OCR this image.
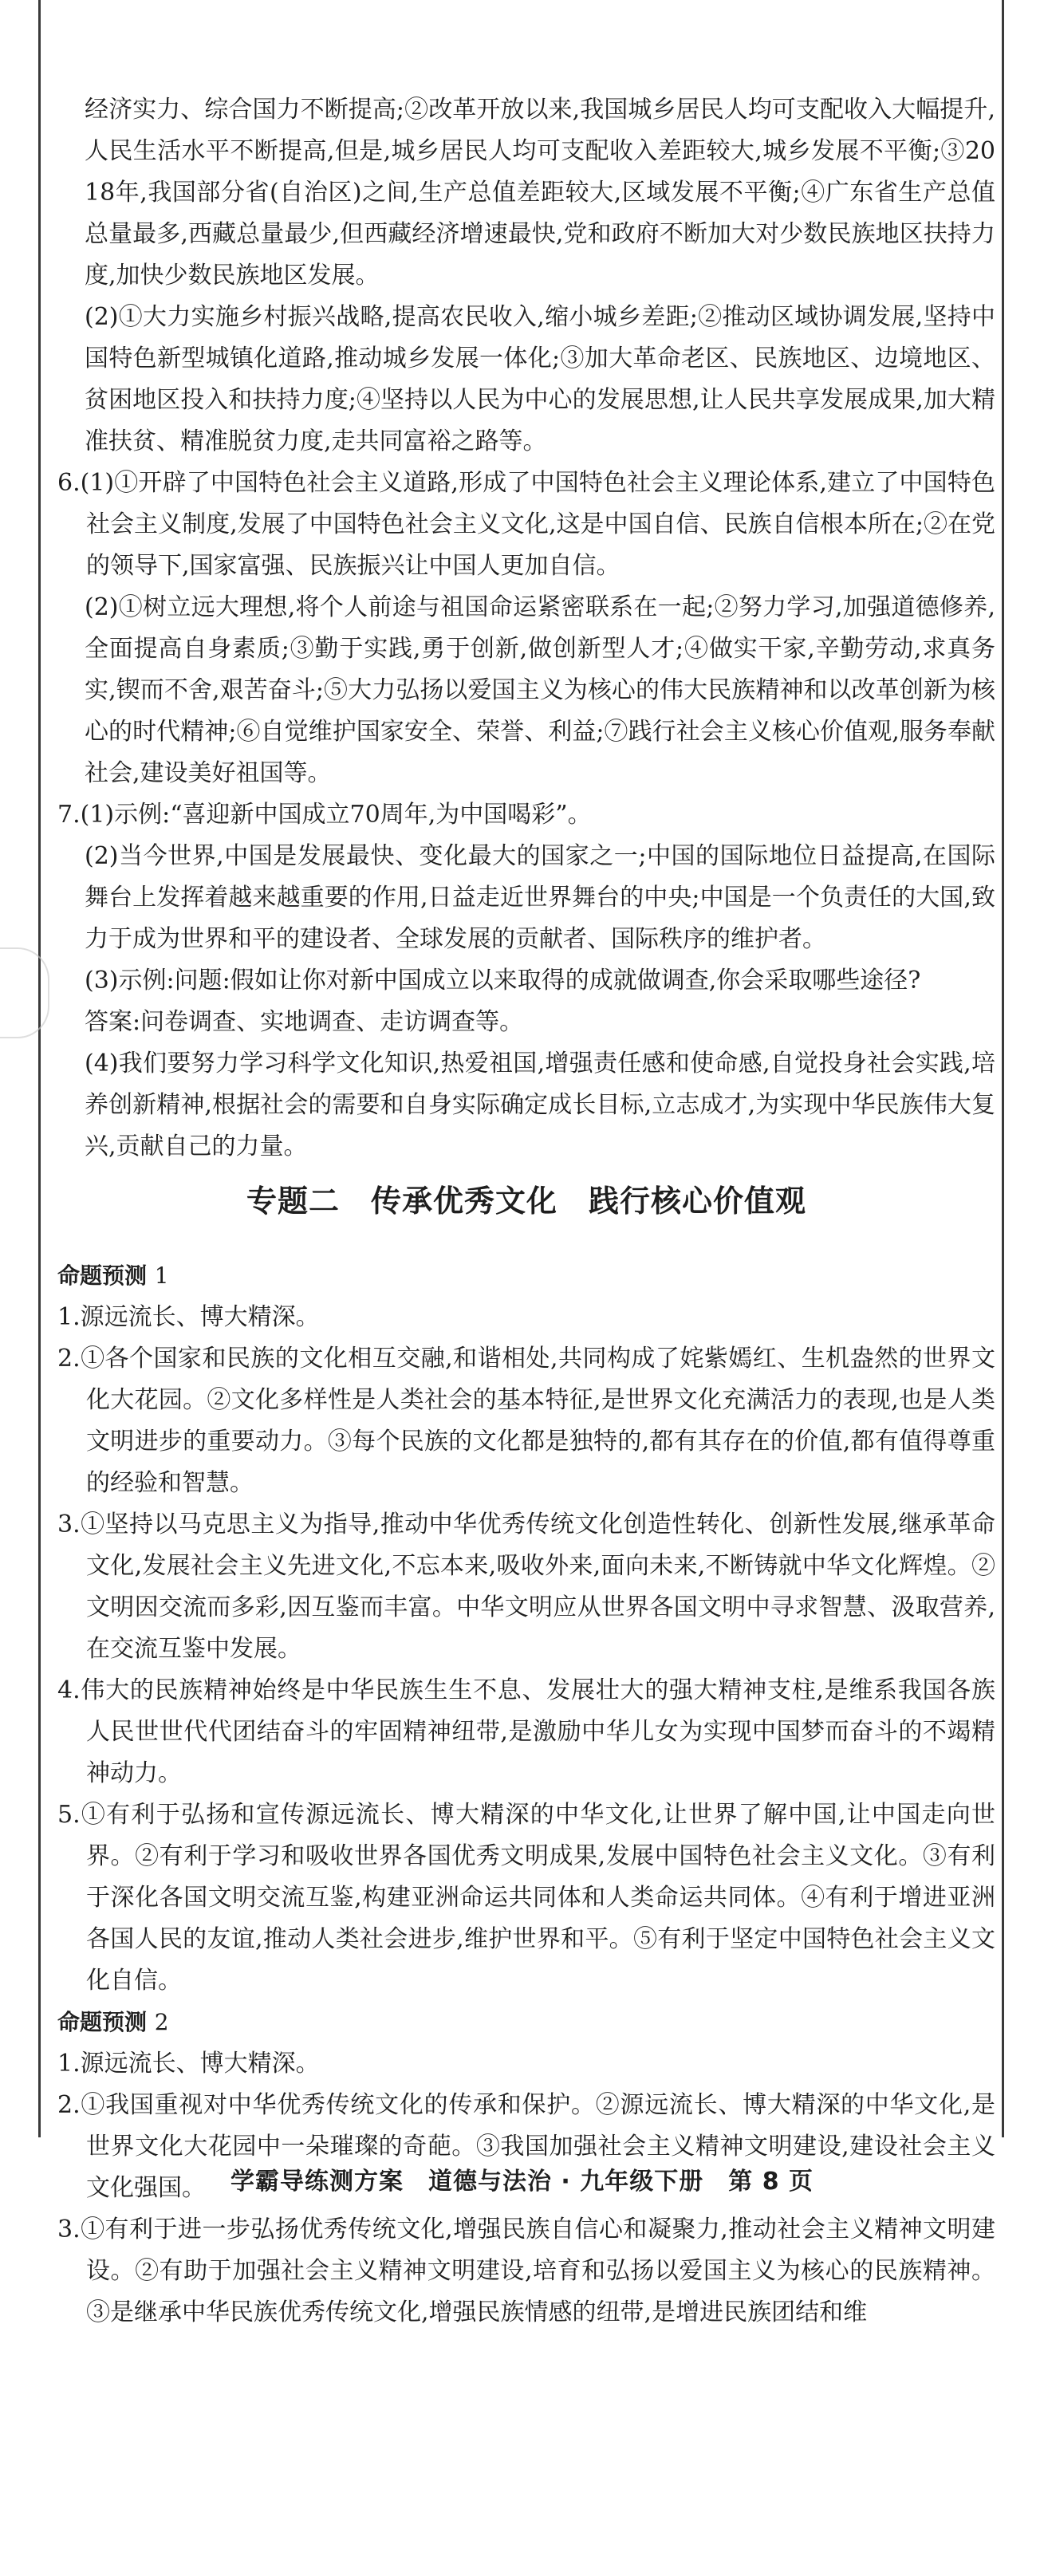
经济实力、综合国力不断提高;②改革开放以来,我国城乡居民人均可支配收入大幅提升,人民生活水平不断提高,但是,城乡居民人均可支配收入差距较大,城乡发展不平衡;③2018年,我国部分省(自治区)之间,生产总值差距较大,区域发展不平衡;④广东省生产总值总量最多,西藏总量最少,但西藏经济增速最快,党和政府不断加大对少数民族地区扶持力度,加快少数民族地区发展。

(2)①大力实施乡村振兴战略,提高农民收入,缩小城乡差距;②推动区域协调发展,坚持中国特色新型城镇化道路,推动城乡发展一体化;③加大革命老区、民族地区、边境地区、贫困地区投入和扶持力度;④坚持以人民为中心的发展思想,让人民共享发展成果,加大精准扶贫、精准脱贫力度,走共同富裕之路等。

6.(1)①开辟了中国特色社会主义道路,形成了中国特色社会主义理论体系,建立了中国特色社会主义制度,发展了中国特色社会主义文化,这是中国自信、民族自信根本所在;②在党的领导下,国家富强、民族振兴让中国人更加自信。

(2)①树立远大理想,将个人前途与祖国命运紧密联系在一起;②努力学习,加强道德修养,全面提高自身素质;③勤于实践,勇于创新,做创新型人才;④做实干家,辛勤劳动,求真务实,锲而不舍,艰苦奋斗;⑤大力弘扬以爱国主义为核心的伟大民族精神和以改革创新为核心的时代精神;⑥自觉维护国家安全、荣誉、利益;⑦践行社会主义核心价值观,服务奉献社会,建设美好祖国等。

7.(1)示例:“喜迎新中国成立70周年,为中国喝彩”。

(2)当今世界,中国是发展最快、变化最大的国家之一;中国的国际地位日益提高,在国际舞台上发挥着越来越重要的作用,日益走近世界舞台的中央;中国是一个负责任的大国,致力于成为世界和平的建设者、全球发展的贡献者、国际秩序的维护者。

(3)示例:问题:假如让你对新中国成立以来取得的成就做调查,你会采取哪些途径?

答案:问卷调查、实地调查、走访调查等。

(4)我们要努力学习科学文化知识,热爱祖国,增强责任感和使命感,自觉投身社会实践,培养创新精神,根据社会的需要和自身实际确定成长目标,立志成才,为实现中华民族伟大复兴,贡献自己的力量。

专题二　传承优秀文化　践行核心价值观

命题预测 1

1.源远流长、博大精深。

2.①各个国家和民族的文化相互交融,和谐相处,共同构成了姹紫嫣红、生机盎然的世界文化大花园。②文化多样性是人类社会的基本特征,是世界文化充满活力的表现,也是人类文明进步的重要动力。③每个民族的文化都是独特的,都有其存在的价值,都有值得尊重的经验和智慧。

3.①坚持以马克思主义为指导,推动中华优秀传统文化创造性转化、创新性发展,继承革命文化,发展社会主义先进文化,不忘本来,吸收外来,面向未来,不断铸就中华文化辉煌。②文明因交流而多彩,因互鉴而丰富。中华文明应从世界各国文明中寻求智慧、汲取营养,在交流互鉴中发展。

4.伟大的民族精神始终是中华民族生生不息、发展壮大的强大精神支柱,是维系我国各族人民世世代代团结奋斗的牢固精神纽带,是激励中华儿女为实现中国梦而奋斗的不竭精神动力。

5.①有利于弘扬和宣传源远流长、博大精深的中华文化,让世界了解中国,让中国走向世界。②有利于学习和吸收世界各国优秀文明成果,发展中国特色社会主义文化。③有利于深化各国文明交流互鉴,构建亚洲命运共同体和人类命运共同体。④有利于增进亚洲各国人民的友谊,推动人类社会进步,维护世界和平。⑤有利于坚定中国特色社会主义文化自信。

命题预测 2

1.源远流长、博大精深。

2.①我国重视对中华优秀传统文化的传承和保护。②源远流长、博大精深的中华文化,是世界文化大花园中一朵璀璨的奇葩。③我国加强社会主义精神文明建设,建设社会主义文化强国。

3.①有利于进一步弘扬优秀传统文化,增强民族自信心和凝聚力,推动社会主义精神文明建设。②有助于加强社会主义精神文明建设,培育和弘扬以爱国主义为核心的民族精神。③是继承中华民族优秀传统文化,增强民族情感的纽带,是增进民族团结和维

学霸导练测方案　道德与法治 · 九年级下册　第 8 页
